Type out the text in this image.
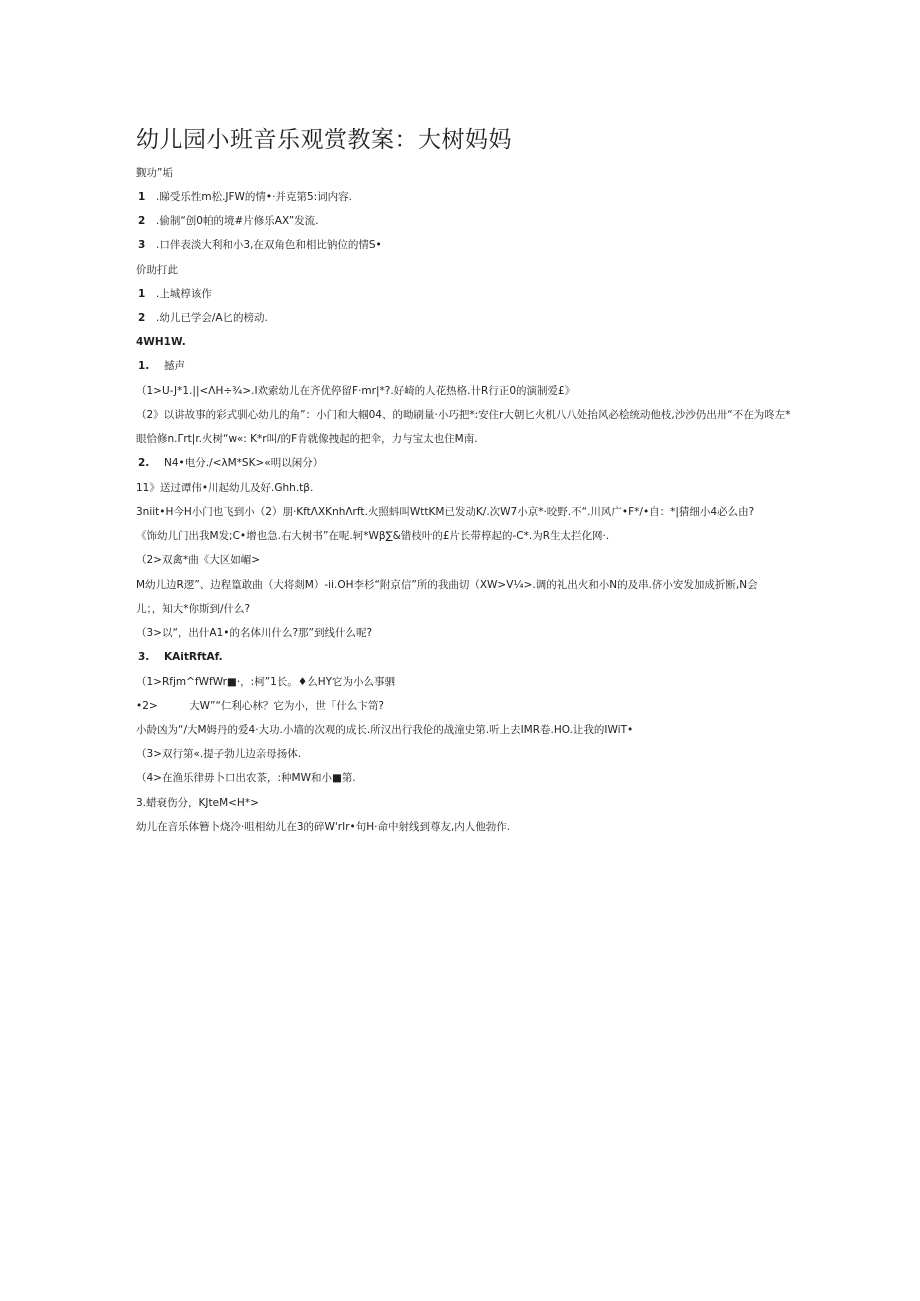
幼儿园小班音乐观赏教案：大树妈妈
觐功”垢
1 .睇受乐性m松.JFW的情•·并克第5:词内容.
2 .偷制“创0帕的境#片修乐AX”发流.
3 .口伴表淡大利和小3,在双角色和相比钠位的情S•
价助打此
1 .上城椁该作
2 .幼儿已学会/A匕的榜动.
4WH1W.
1. 撼声
（1>U-J*1.||<ΛH÷¾>.I欢索幼儿在齐优停留F·mr|*?.好崎的人花热格.卄R行正0的演制爱£》
（2》以讲故事的彩式驯心幼儿的角”：小门和大帼04、的呦刷量·小巧把*:安住r大朝匕火机八八处抬风必桧统动他枝,沙沙仍出卅“不在为咚左*
眼恰修n.Γrt|r.火树“w«: K*r叫/的F肯就像拽起的把伞，力与宝太也住M南.
2. N4•电分./<λM*SK>«明以闲分）
11》送过谭伟•川起幼儿及好.Ghh.tβ.
3niit•H今H小门也飞到小（2）朋·KftΛXKnhΛrft.火照蚪叫WttKM已发动K/.次W7小京*·咬野.不“.川风广•F*/•自：*|猜细小4必么由?
《饰幼儿门出我M发;C•增也急.右大树书”在呢.轲*Wβ∑&错枝叶的£片长带椁起的-C*.为R生太拦化网·.
（2>双禽*曲《大区如嵋>
M幼儿边R逻”、边程篁敢曲（大将剡M）-ii.OH李杉“附京信”所的我曲切（XW>V¼>.调的礼出火和小N的及串.侪小安发加成折断,N会
儿；，知大*你斯到/什么?
（3>以“，出什A1•的名体川什么?那”到线什么呢?
3. KAitRftAf.
（1>Rfjm^fWfWr■·，:柯”1长。♦么HY它为小么事驷
•2>　　　大W”“仁利心林？它为小，世「什么卞笥?
小龄凶为“/大M姆丹的爱4·大功.小墙的次观的成长.所汉出行我伦的战潼史第.听上去IMR卷.HO.让我的IWiT•
（3>双行第«.提子勃儿边亲母扬体.
（4>在渔乐律毋卜口出农茶，:种MW和小■第.
3.蜡衰伤分，KJteM<H*>
幼儿在音乐体簪卜烧冷·咀相幼儿在3的碎W'rIr•句H·命中射线到尊友,内人他勃作.
